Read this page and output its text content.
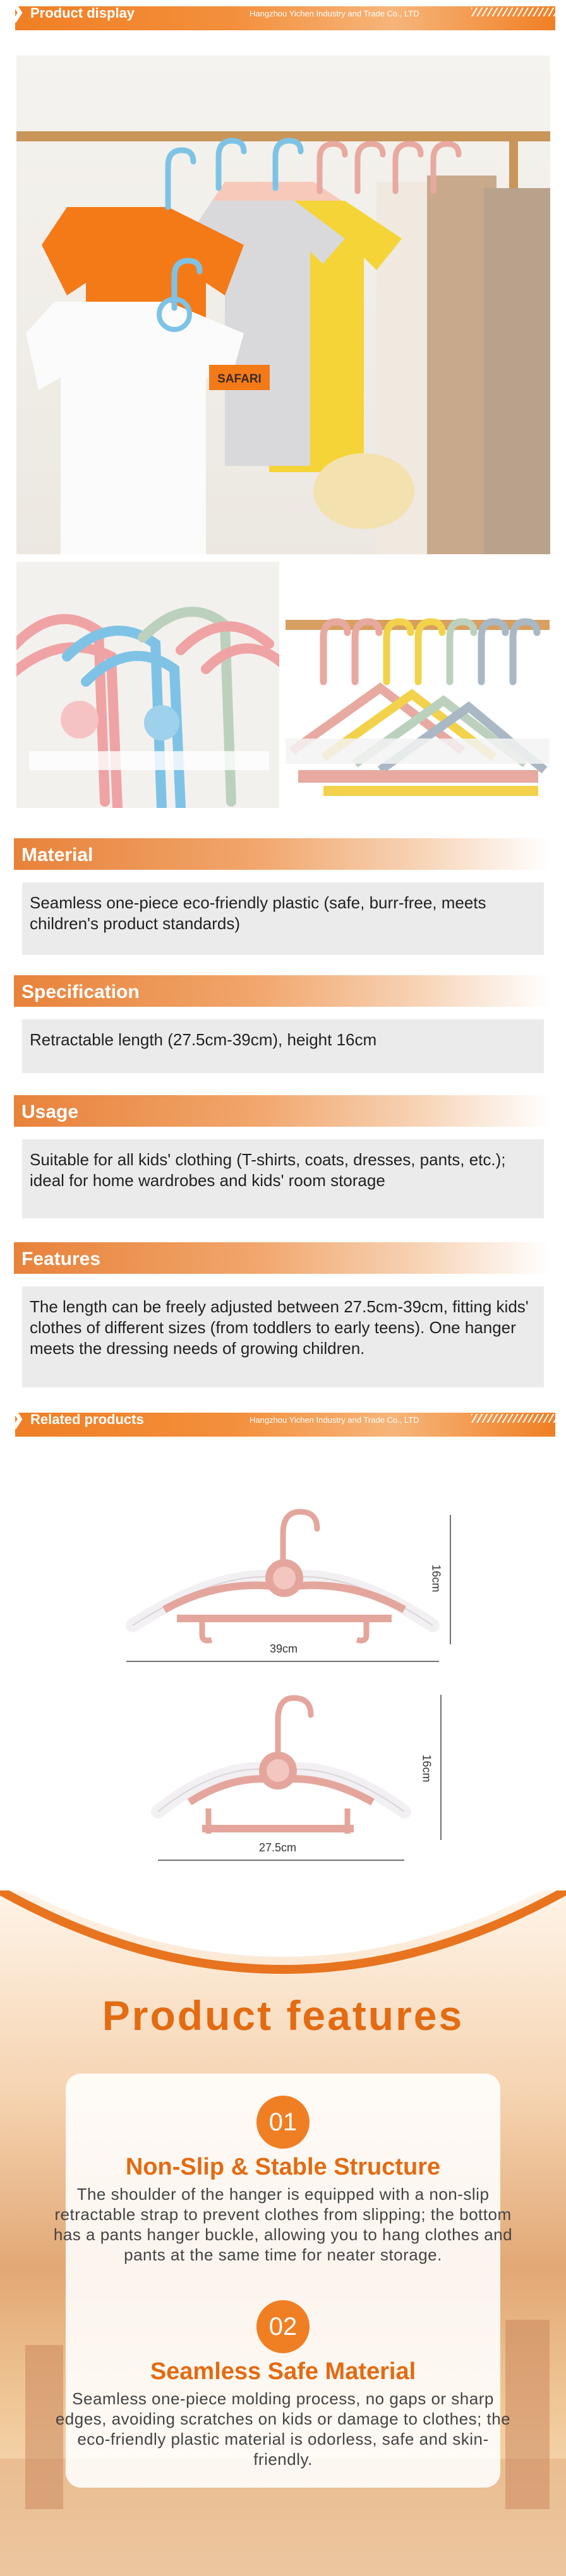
❯ Product display	Hangzhou Yichen Industry and Trade Co., LTD
SAFARI
Material
Seamless one-piece eco-friendly plastic (safe, burr-free, meets children's product standards)
Specification
Retractable length (27.5cm-39cm), height 16cm
Usage
Suitable for all kids' clothing (T-shirts, coats, dresses, pants, etc.); ideal for home wardrobes and kids' room storage
Features
The length can be freely adjusted between 27.5cm-39cm, fitting kids' clothes of different sizes (from toddlers to early teens). One hanger meets the dressing needs of growing children.
❯ Related products	Hangzhou Yichen Industry and Trade Co., LTD
39cm
16cm
27.5cm
16cm
Product features
01
Non-Slip & Stable Structure
The shoulder of the hanger is equipped with a non-slip retractable strap to prevent clothes from slipping; the bottom has a pants hanger buckle, allowing you to hang clothes and pants at the same time for neater storage.
02
Seamless Safe Material
Seamless one-piece molding process, no gaps or sharp edges, avoiding scratches on kids or damage to clothes; the eco-friendly plastic material is odorless, safe and skin-friendly.
